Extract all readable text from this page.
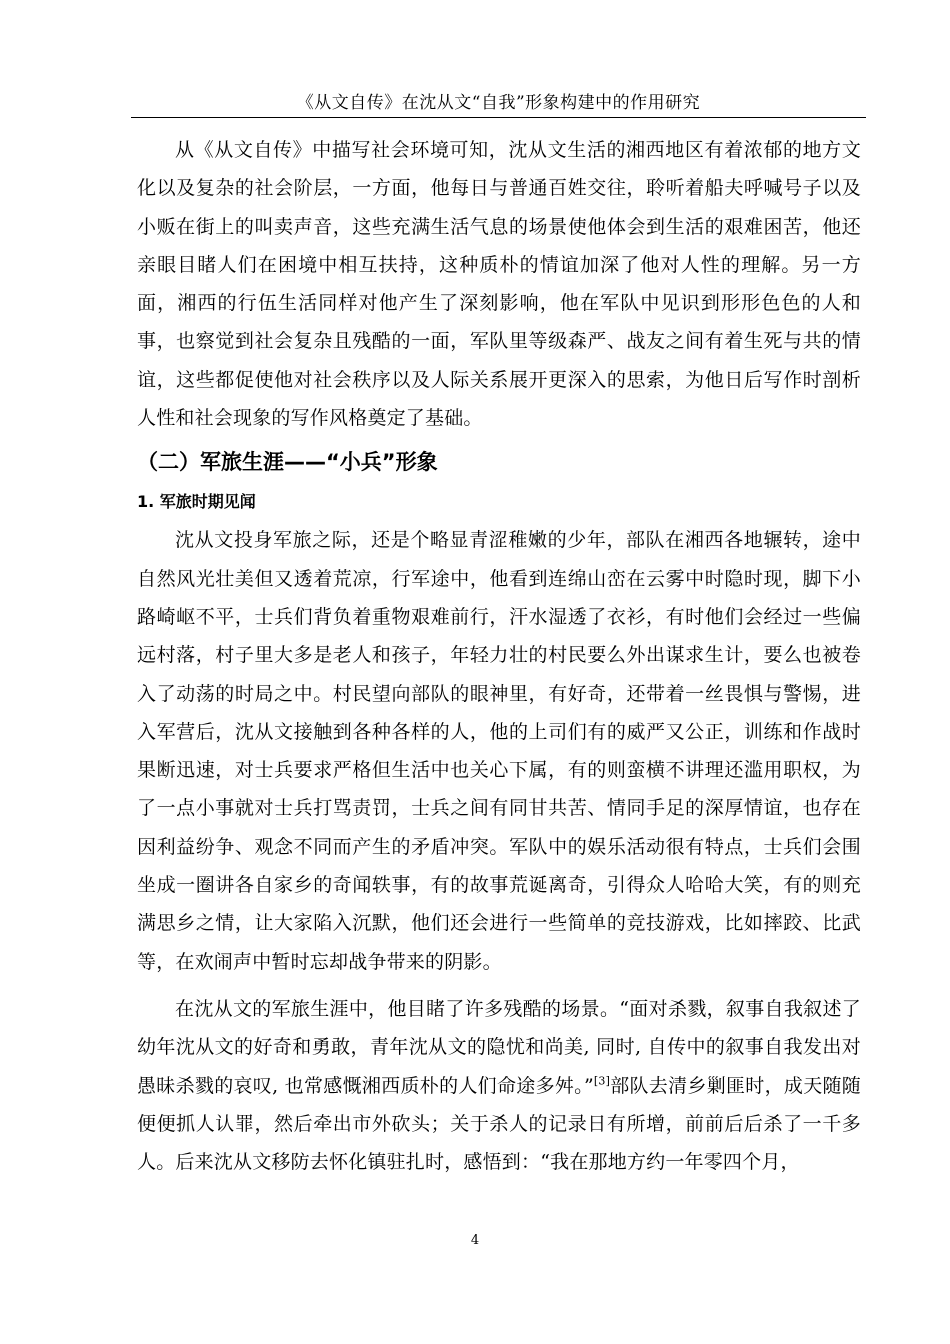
《从文自传》在沈从文“自我”形象构建中的作用研究

从《从文自传》中描写社会环境可知，沈从文生活的湘西地区有着浓郁的地方文化以及复杂的社会阶层，一方面，他每日与普通百姓交往，聆听着船夫呼喊号子以及小贩在街上的叫卖声音，这些充满生活气息的场景使他体会到生活的艰难困苦，他还亲眼目睹人们在困境中相互扶持，这种质朴的情谊加深了他对人性的理解。另一方面，湘西的行伍生活同样对他产生了深刻影响，他在军队中见识到形形色色的人和事，也察觉到社会复杂且残酷的一面，军队里等级森严、战友之间有着生死与共的情谊，这些都促使他对社会秩序以及人际关系展开更深入的思索，为他日后写作时剖析人性和社会现象的写作风格奠定了基础。

（二）军旅生涯——“小兵”形象
1. 军旅时期见闻

沈从文投身军旅之际，还是个略显青涩稚嫩的少年，部队在湘西各地辗转，途中自然风光壮美但又透着荒凉，行军途中，他看到连绵山峦在云雾中时隐时现，脚下小路崎岖不平，士兵们背负着重物艰难前行，汗水湿透了衣衫，有时他们会经过一些偏远村落，村子里大多是老人和孩子，年轻力壮的村民要么外出谋求生计，要么也被卷入了动荡的时局之中。村民望向部队的眼神里，有好奇，还带着一丝畏惧与警惕，进入军营后，沈从文接触到各种各样的人，他的上司们有的威严又公正，训练和作战时果断迅速，对士兵要求严格但生活中也关心下属，有的则蛮横不讲理还滥用职权，为了一点小事就对士兵打骂责罚，士兵之间有同甘共苦、情同手足的深厚情谊，也存在因利益纷争、观念不同而产生的矛盾冲突。军队中的娱乐活动很有特点，士兵们会围坐成一圈讲各自家乡的奇闻轶事，有的故事荒诞离奇，引得众人哈哈大笑，有的则充满思乡之情，让大家陷入沉默，他们还会进行一些简单的竞技游戏，比如摔跤、比武等，在欢闹声中暂时忘却战争带来的阴影。

在沈从文的军旅生涯中，他目睹了许多残酷的场景。“面对杀戮，叙事自我叙述了幼年沈从文的好奇和勇敢，青年沈从文的隐忧和尚美, 同时, 自传中的叙事自我发出对愚昧杀戮的哀叹, 也常感慨湘西质朴的人们命途多舛。”[3]部队去清乡剿匪时，成天随随便便抓人认罪，然后牵出市外砍头；关于杀人的记录日有所增，前前后后杀了一千多人。后来沈从文移防去怀化镇驻扎时，感悟到：“我在那地方约一年零四个月，

4
